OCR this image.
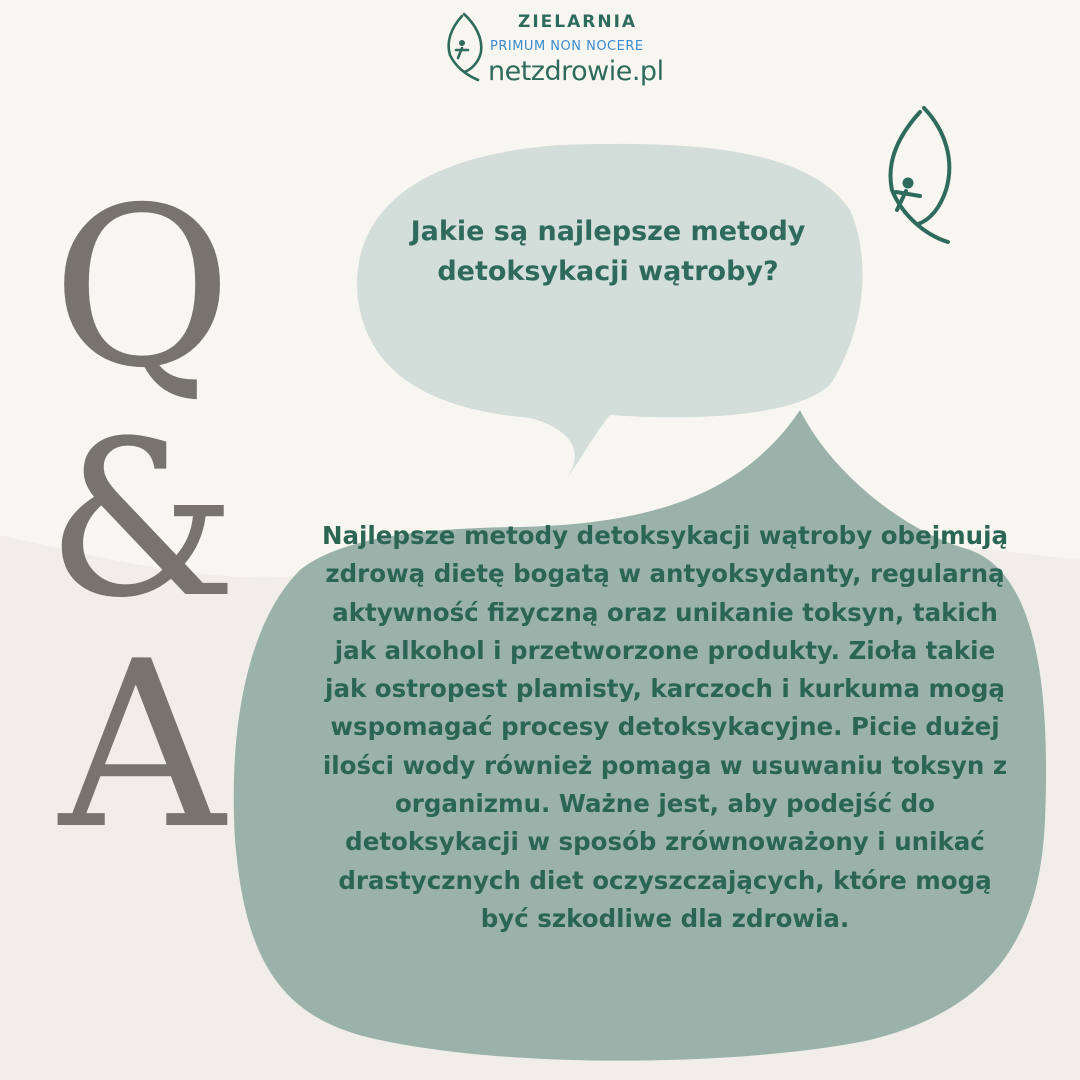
ZIELARNIA
PRIMUM NON NOCERE
netzdrowie.pl
Q
&
A
Jakie są najlepsze metody detoksykacji wątroby?
Najlepsze metody detoksykacji wątroby obejmują zdrową dietę bogatą w antyoksydanty, regularną aktywność fizyczną oraz unikanie toksyn, takich jak alkohol i przetworzone produkty. Zioła takie jak ostropest plamisty, karczoch i kurkuma mogą wspomagać procesy detoksykacyjne. Picie dużej ilości wody również pomaga w usuwaniu toksyn z organizmu. Ważne jest, aby podejść do detoksykacji w sposób zrównoważony i unikać drastycznych diet oczyszczających, które mogą być szkodliwe dla zdrowia.
